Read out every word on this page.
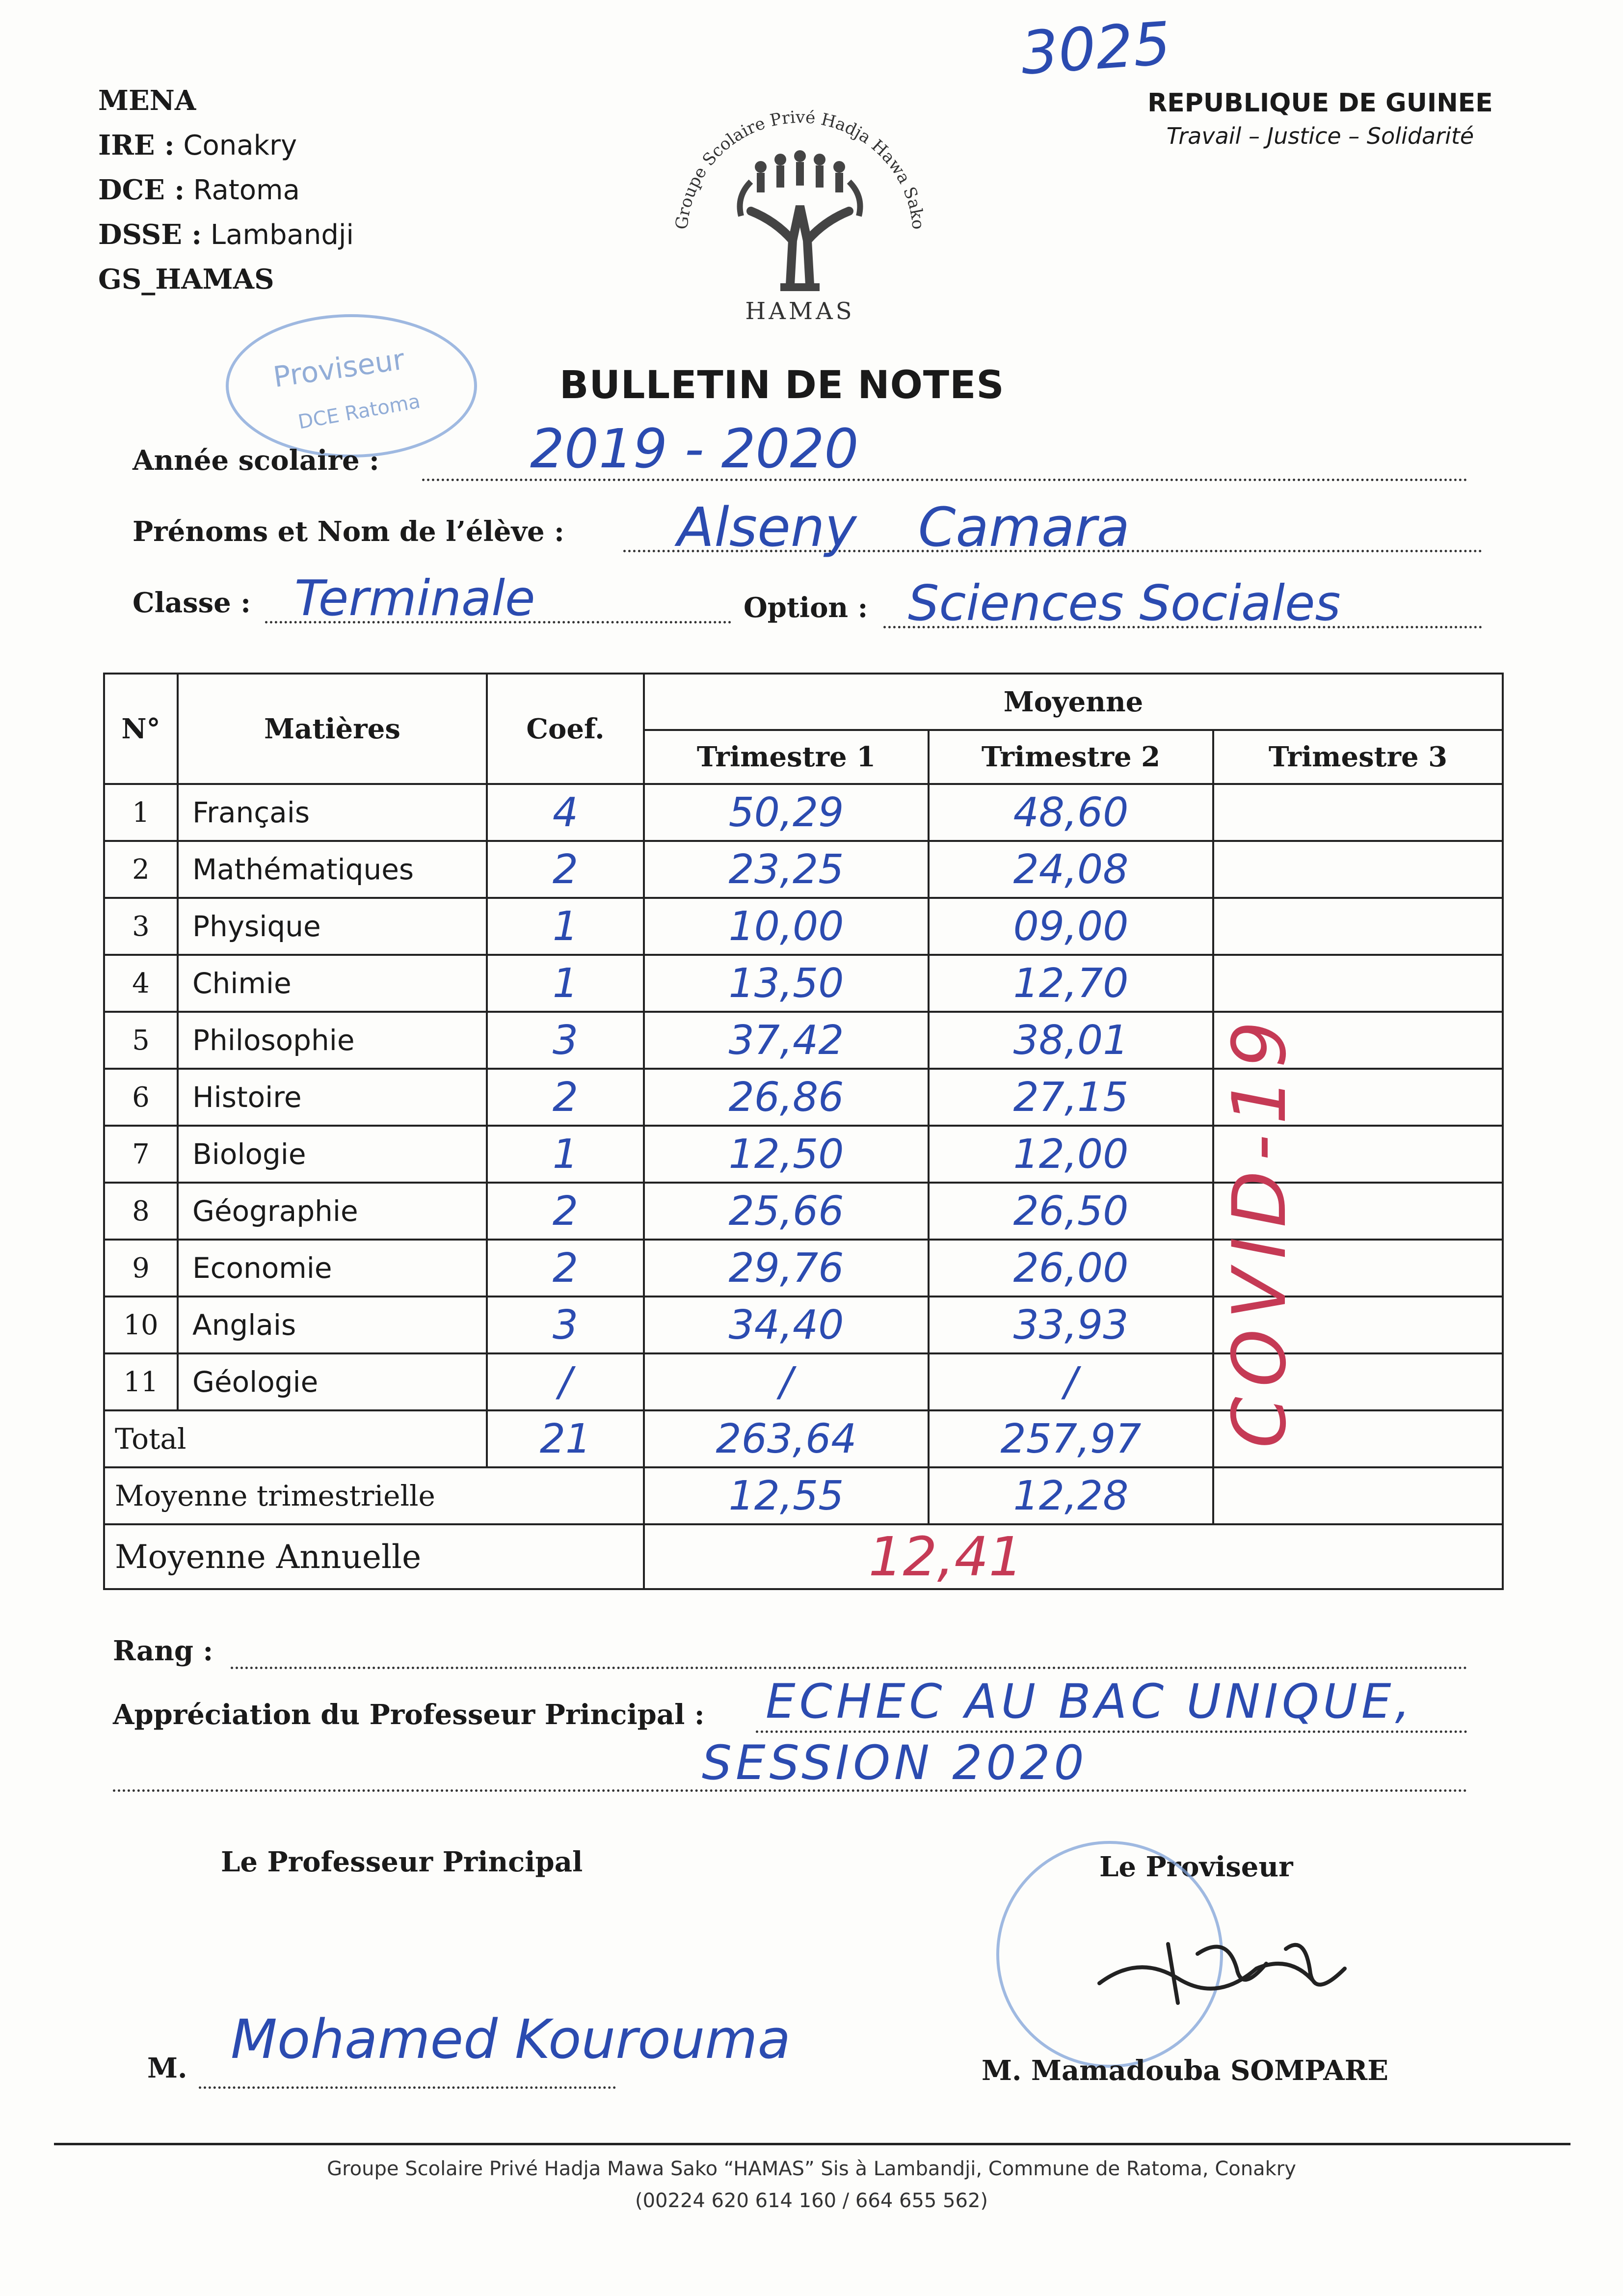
3025
MENA
IRE : Conakry
DCE : Ratoma
DSSE : Lambandji
GS_HAMAS
REPUBLIQUE DE GUINEE
Travail – Justice – Solidarité
Groupe Scolaire Privé Hadja Hawa Sako
HAMAS
Proviseur
DCE Ratoma
BULLETIN DE NOTES
Année scolaire :	2019 - 2020
Prénoms et Nom de l’élève : Alseny Camara
Classe : Terminale	Option : Sciences Sociales
N°	Matières	Coef.	Moyenne		
			Trimestre 1	Trimestre 2	Trimestre 3
1	Français	4	50,29	48,60	
2	Mathématiques	2	23,25	24,08	
3	Physique	1	10,00	09,00	
4	Chimie	1	13,50	12,70	
5	Philosophie	3	37,42	38,01	
6	Histoire	2	26,86	27,15	
7	Biologie	1	12,50	12,00	
8	Géographie	2	25,66	26,50	
9	Economie	2	29,76	26,00	
10	Anglais	3	34,40	33,93	
11	Géologie	/	/	/	
Total		21	263,64	257,97	
Moyenne trimestrielle			12,55	12,28	
Moyenne Annuelle			12,41		
COVID-19
Rang :
Appréciation du Professeur Principal : ECHEC AU BAC UNIQUE,
SESSION 2020
Le Professeur Principal	Le Proviseur
M. Mohamed Kourouma	M. Mamadouba SOMPARE
Groupe Scolaire Privé Hadja Mawa Sako “HAMAS” Sis à Lambandji, Commune de Ratoma, Conakry
(00224 620 614 160 / 664 655 562)
